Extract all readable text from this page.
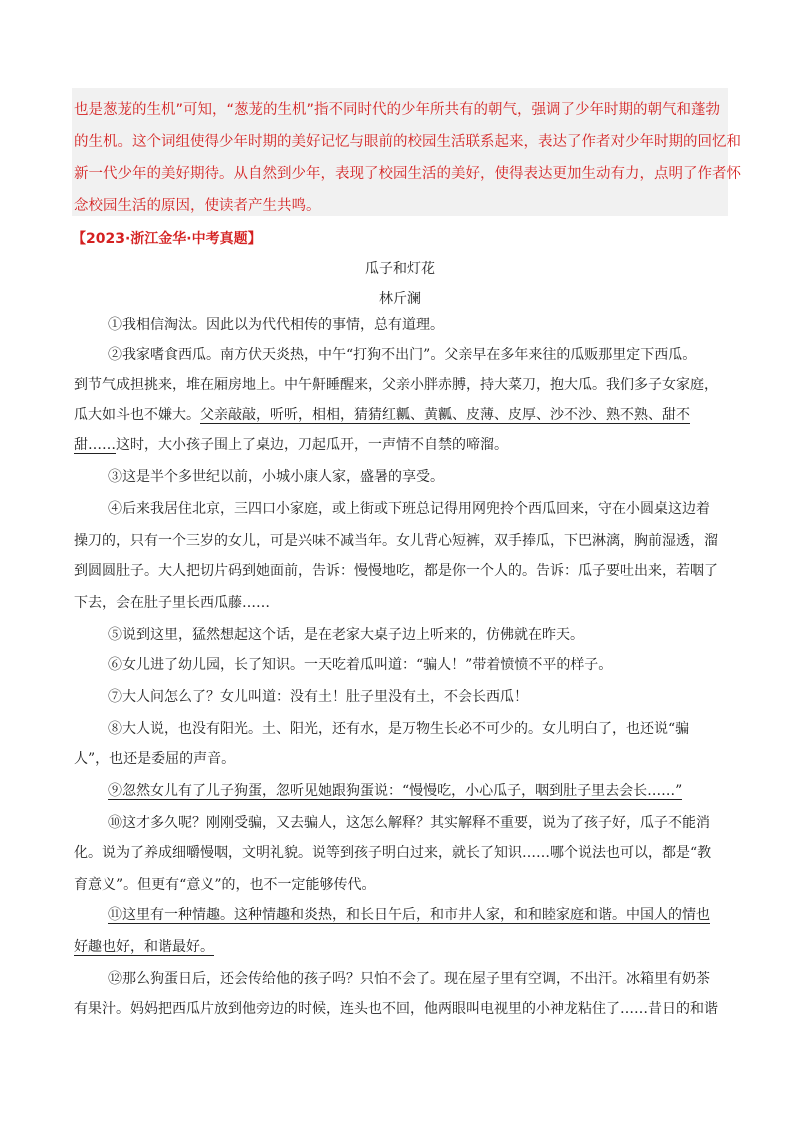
也是葱茏的生机”可知，“葱茏的生机”指不同时代的少年所共有的朝气，强调了少年时期的朝气和蓬勃
的生机。这个词组使得少年时期的美好记忆与眼前的校园生活联系起来，表达了作者对少年时期的回忆和
新一代少年的美好期待。从自然到少年，表现了校园生活的美好，使得表达更加生动有力，点明了作者怀
念校园生活的原因，使读者产生共鸣。
【2023·浙江金华·中考真题】
瓜子和灯花
林斤澜
①我相信淘汰。因此以为代代相传的事情，总有道理。
②我家嗜食西瓜。南方伏天炎热，中午“打狗不出门”。父亲早在多年来往的瓜贩那里定下西瓜。
到节气成担挑来，堆在厢房地上。中午鼾睡醒来，父亲小胖赤膊，持大菜刀，抱大瓜。我们多子女家庭，
瓜大如斗也不嫌大。父亲敲敲，听听，相相，猜猜红瓤、黄瓤、皮薄、皮厚、沙不沙、熟不熟、甜不
甜……这时，大小孩子围上了桌边，刀起瓜开，一声情不自禁的啼溜。
③这是半个多世纪以前，小城小康人家，盛暑的享受。
④后来我居住北京，三四口小家庭，或上街或下班总记得用网兜拎个西瓜回来，守在小圆桌这边着
操刀的，只有一个三岁的女儿，可是兴味不减当年。女儿背心短裤，双手捧瓜，下巴淋漓，胸前湿透，溜
到圆圆肚子。大人把切片码到她面前，告诉：慢慢地吃，都是你一个人的。告诉：瓜子要吐出来，若咽了
下去，会在肚子里长西瓜藤……
⑤说到这里，猛然想起这个话，是在老家大桌子边上听来的，仿佛就在昨天。
⑥女儿进了幼儿园，长了知识。一天吃着瓜叫道：“骗人！”带着愤愤不平的样子。
⑦大人问怎么了？女儿叫道：没有土！肚子里没有土，不会长西瓜！
⑧大人说，也没有阳光。土、阳光，还有水，是万物生长必不可少的。女儿明白了，也还说“骗
人”，也还是委屈的声音。
⑨忽然女儿有了儿子狗蛋，忽听见她跟狗蛋说：“慢慢吃，小心瓜子，咽到肚子里去会长……”
⑩这才多久呢？刚刚受骗，又去骗人，这怎么解释？其实解释不重要，说为了孩子好，瓜子不能消
化。说为了养成细嚼慢咽，文明礼貌。说等到孩子明白过来，就长了知识……哪个说法也可以，都是“教
育意义”。但更有“意义”的，也不一定能够传代。
⑪这里有一种情趣。这种情趣和炎热，和长日午后，和市井人家，和和睦家庭和谐。中国人的情也
好趣也好，和谐最好。
⑫那么狗蛋日后，还会传给他的孩子吗？只怕不会了。现在屋子里有空调，不出汗。冰箱里有奶茶
有果汁。妈妈把西瓜片放到他旁边的时候，连头也不回，他两眼叫电视里的小神龙粘住了……昔日的和谐
